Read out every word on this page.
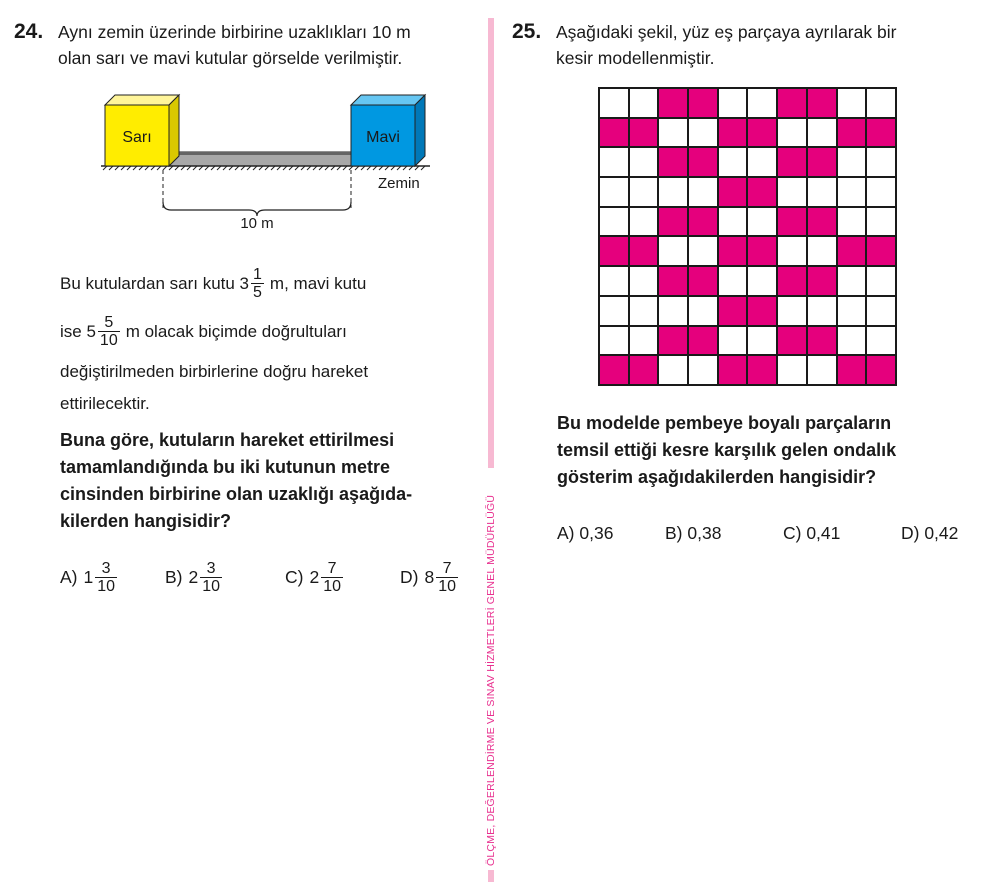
24. Aynı zemin üzerinde birbirine uzaklıkları 10 m
olan sarı ve mavi kutular görselde verilmiştir.
Sarı	Mavi
Zemin
10 m
Bu kutulardan sarı kutu $3 \frac{1}{5} m$, mavi kutu
ise $5 \frac{5}{10}$ m olacak biçimde doğrultuları
değiştirilmeden birbirlerine doğru hareket
ettirilecektir.
Buna göre, kutuların hareket ettirilmesi
tamamlandığında bu iki kutunun metre
cinsinden birbirine olan uzaklığı aşağıda-
kilerden hangisidir?
A) $1 \frac{3}{10}$	B) $2 \frac{3}{10}$	C) $2 \frac{7}{10}$	D) $8 \frac{7}{10}$	ÖLÇME, DEĞERLENDİRME VE SINAV HİZMETLERİ GENEL MÜDÜRLÜĞÜ
25. Aşağıdaki şekil, yüz eş parçaya ayrılarak bir
kesir modellenmiştir.
Bu modelde pembeye boyalı parçaların
temsil ettiği kesre karşılık gelen ondalık
gösterim aşağıdakilerden hangisidir?
A) 0,36	B) 0,38	C) 0,41	D) 0,42
